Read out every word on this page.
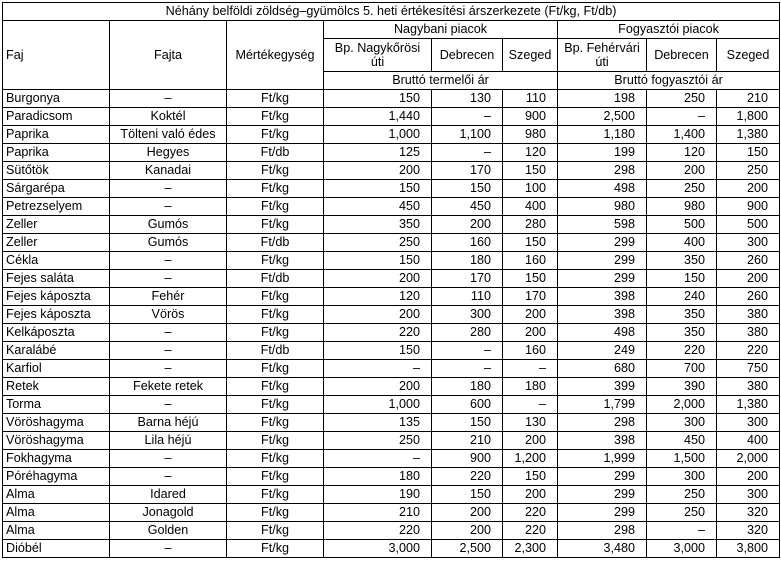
Néhány belföldi zöldség–gyümölcs 5. heti értékesítési árszerkezete (Ft/kg, Ft/db)								
Faj	Fajta	Mértékegység	Nagybani piacok			Fogyasztói piacok		
			Bp. Nagykőrösi úti	Debrecen	Szeged	Bp. Fehérvári úti	Debrecen	Szeged
			Bruttó termelői ár			Bruttó fogyasztói ár		
Burgonya	–	Ft/kg	150	130	110	198	250	210
Paradicsom	Koktél	Ft/kg	1,440	–	900	2,500	–	1,800
Paprika	Tölteni való édes	Ft/kg	1,000	1,100	980	1,180	1,400	1,380
Paprika	Hegyes	Ft/db	125	–	120	199	120	150
Sütőtök	Kanadai	Ft/kg	200	170	150	298	200	250
Sárgarépa	–	Ft/kg	150	150	100	498	250	200
Petrezselyem	–	Ft/kg	450	450	400	980	980	900
Zeller	Gumós	Ft/kg	350	200	280	598	500	500
Zeller	Gumós	Ft/db	250	160	150	299	400	300
Cékla	–	Ft/kg	150	180	160	299	350	260
Fejes saláta	–	Ft/db	200	170	150	299	150	200
Fejes káposzta	Fehér	Ft/kg	120	110	170	398	240	260
Fejes káposzta	Vörös	Ft/kg	200	300	200	398	350	380
Kelkáposzta	–	Ft/kg	220	280	200	498	350	380
Karalábé	–	Ft/db	150	–	160	249	220	220
Karfiol	–	Ft/kg	–	–	–	680	700	750
Retek	Fekete retek	Ft/kg	200	180	180	399	390	380
Torma	–	Ft/kg	1,000	600	–	1,799	2,000	1,380
Vöröshagyma	Barna héjú	Ft/kg	135	150	130	298	300	300
Vöröshagyma	Lila héjú	Ft/kg	250	210	200	398	450	400
Fokhagyma	–	Ft/kg	–	900	1,200	1,999	1,500	2,000
Póréhagyma	–	Ft/kg	180	220	150	299	300	200
Alma	Idared	Ft/kg	190	150	200	299	250	300
Alma	Jonagold	Ft/kg	210	200	220	299	250	320
Alma	Golden	Ft/kg	220	200	220	298	–	320
Dióbél	–	Ft/kg	3,000	2,500	2,300	3,480	3,000	3,800
